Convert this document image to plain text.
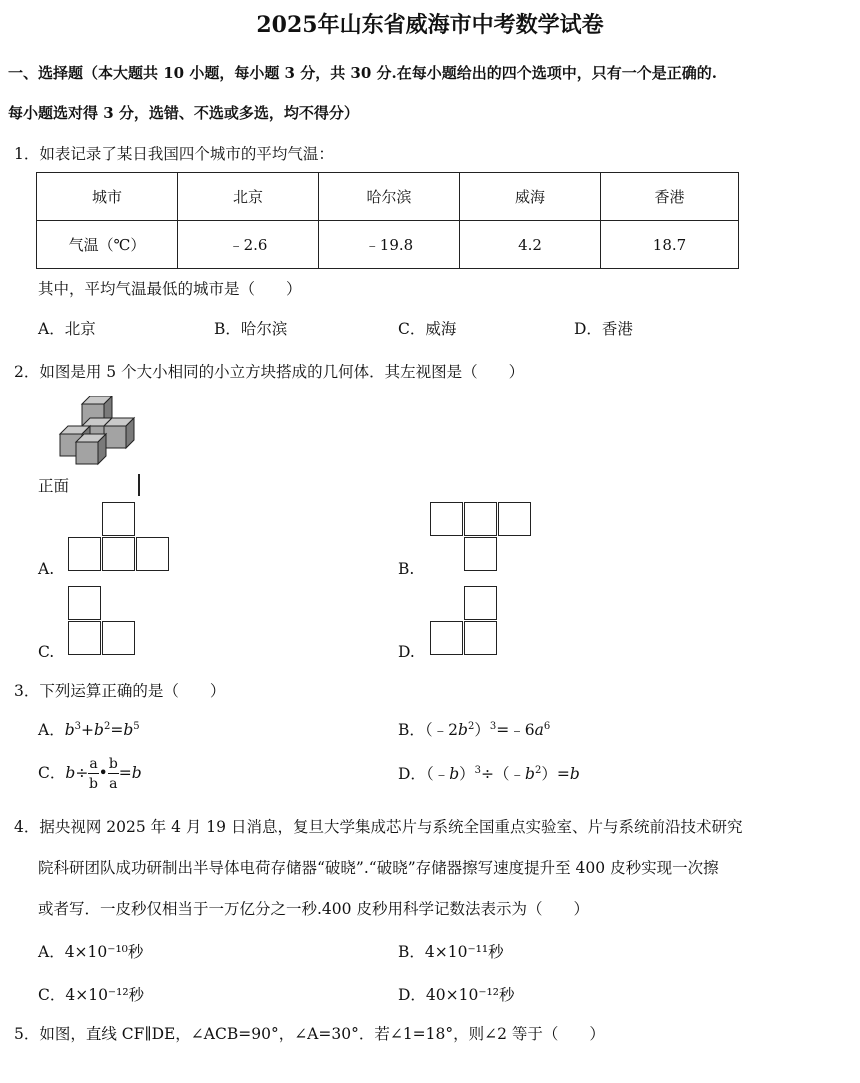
2025年山东省威海市中考数学试卷
一、选择题（本大题共 10 小题，每小题 3 分，共 30 分.在每小题给出的四个选项中，只有一个是正确的.
每小题选对得 3 分，选错、不选或多选，均不得分）
1．如表记录了某日我国四个城市的平均气温：
城市	北京	哈尔滨	威海	香港
气温（℃）	﹣2.6	﹣19.8	4.2	18.7
其中，平均气温最低的城市是（　　）
A．北京	B．哈尔滨	C．威海	D．香港
2．如图是用 5 个大小相同的小立方块搭成的几何体．其左视图是（　　）
正面
A.	B.
C.	D.
3．下列运算正确的是（　　）
A．$b^3+b^2=b^5$	B．$(﹣2b^2)^3=﹣6a^6$
C．$b\div \frac{a}{b}$ • $\frac{b}{a} =b$	D．$(﹣b)^3\div(﹣b^2)=b$
4．据央视网 2025 年 4 月 19 日消息，复旦大学集成芯片与系统全国重点实验室、片与系统前沿技术研究
院科研团队成功研制出半导体电荷存储器“破晓”.“破晓”存储器擦写速度提升至 400 皮秒实现一次擦
或者写．一皮秒仅相当于一万亿分之一秒.400 皮秒用科学记数法表示为（　　）
A．4×10⁻¹⁰秒	B．4×10⁻¹¹秒
C．4×10⁻¹²秒	D．40×10⁻¹²秒
5．如图，直线 CF∥DE，∠ACB=90°，∠A=30°．若∠1=18°，则∠2 等于（　　）
